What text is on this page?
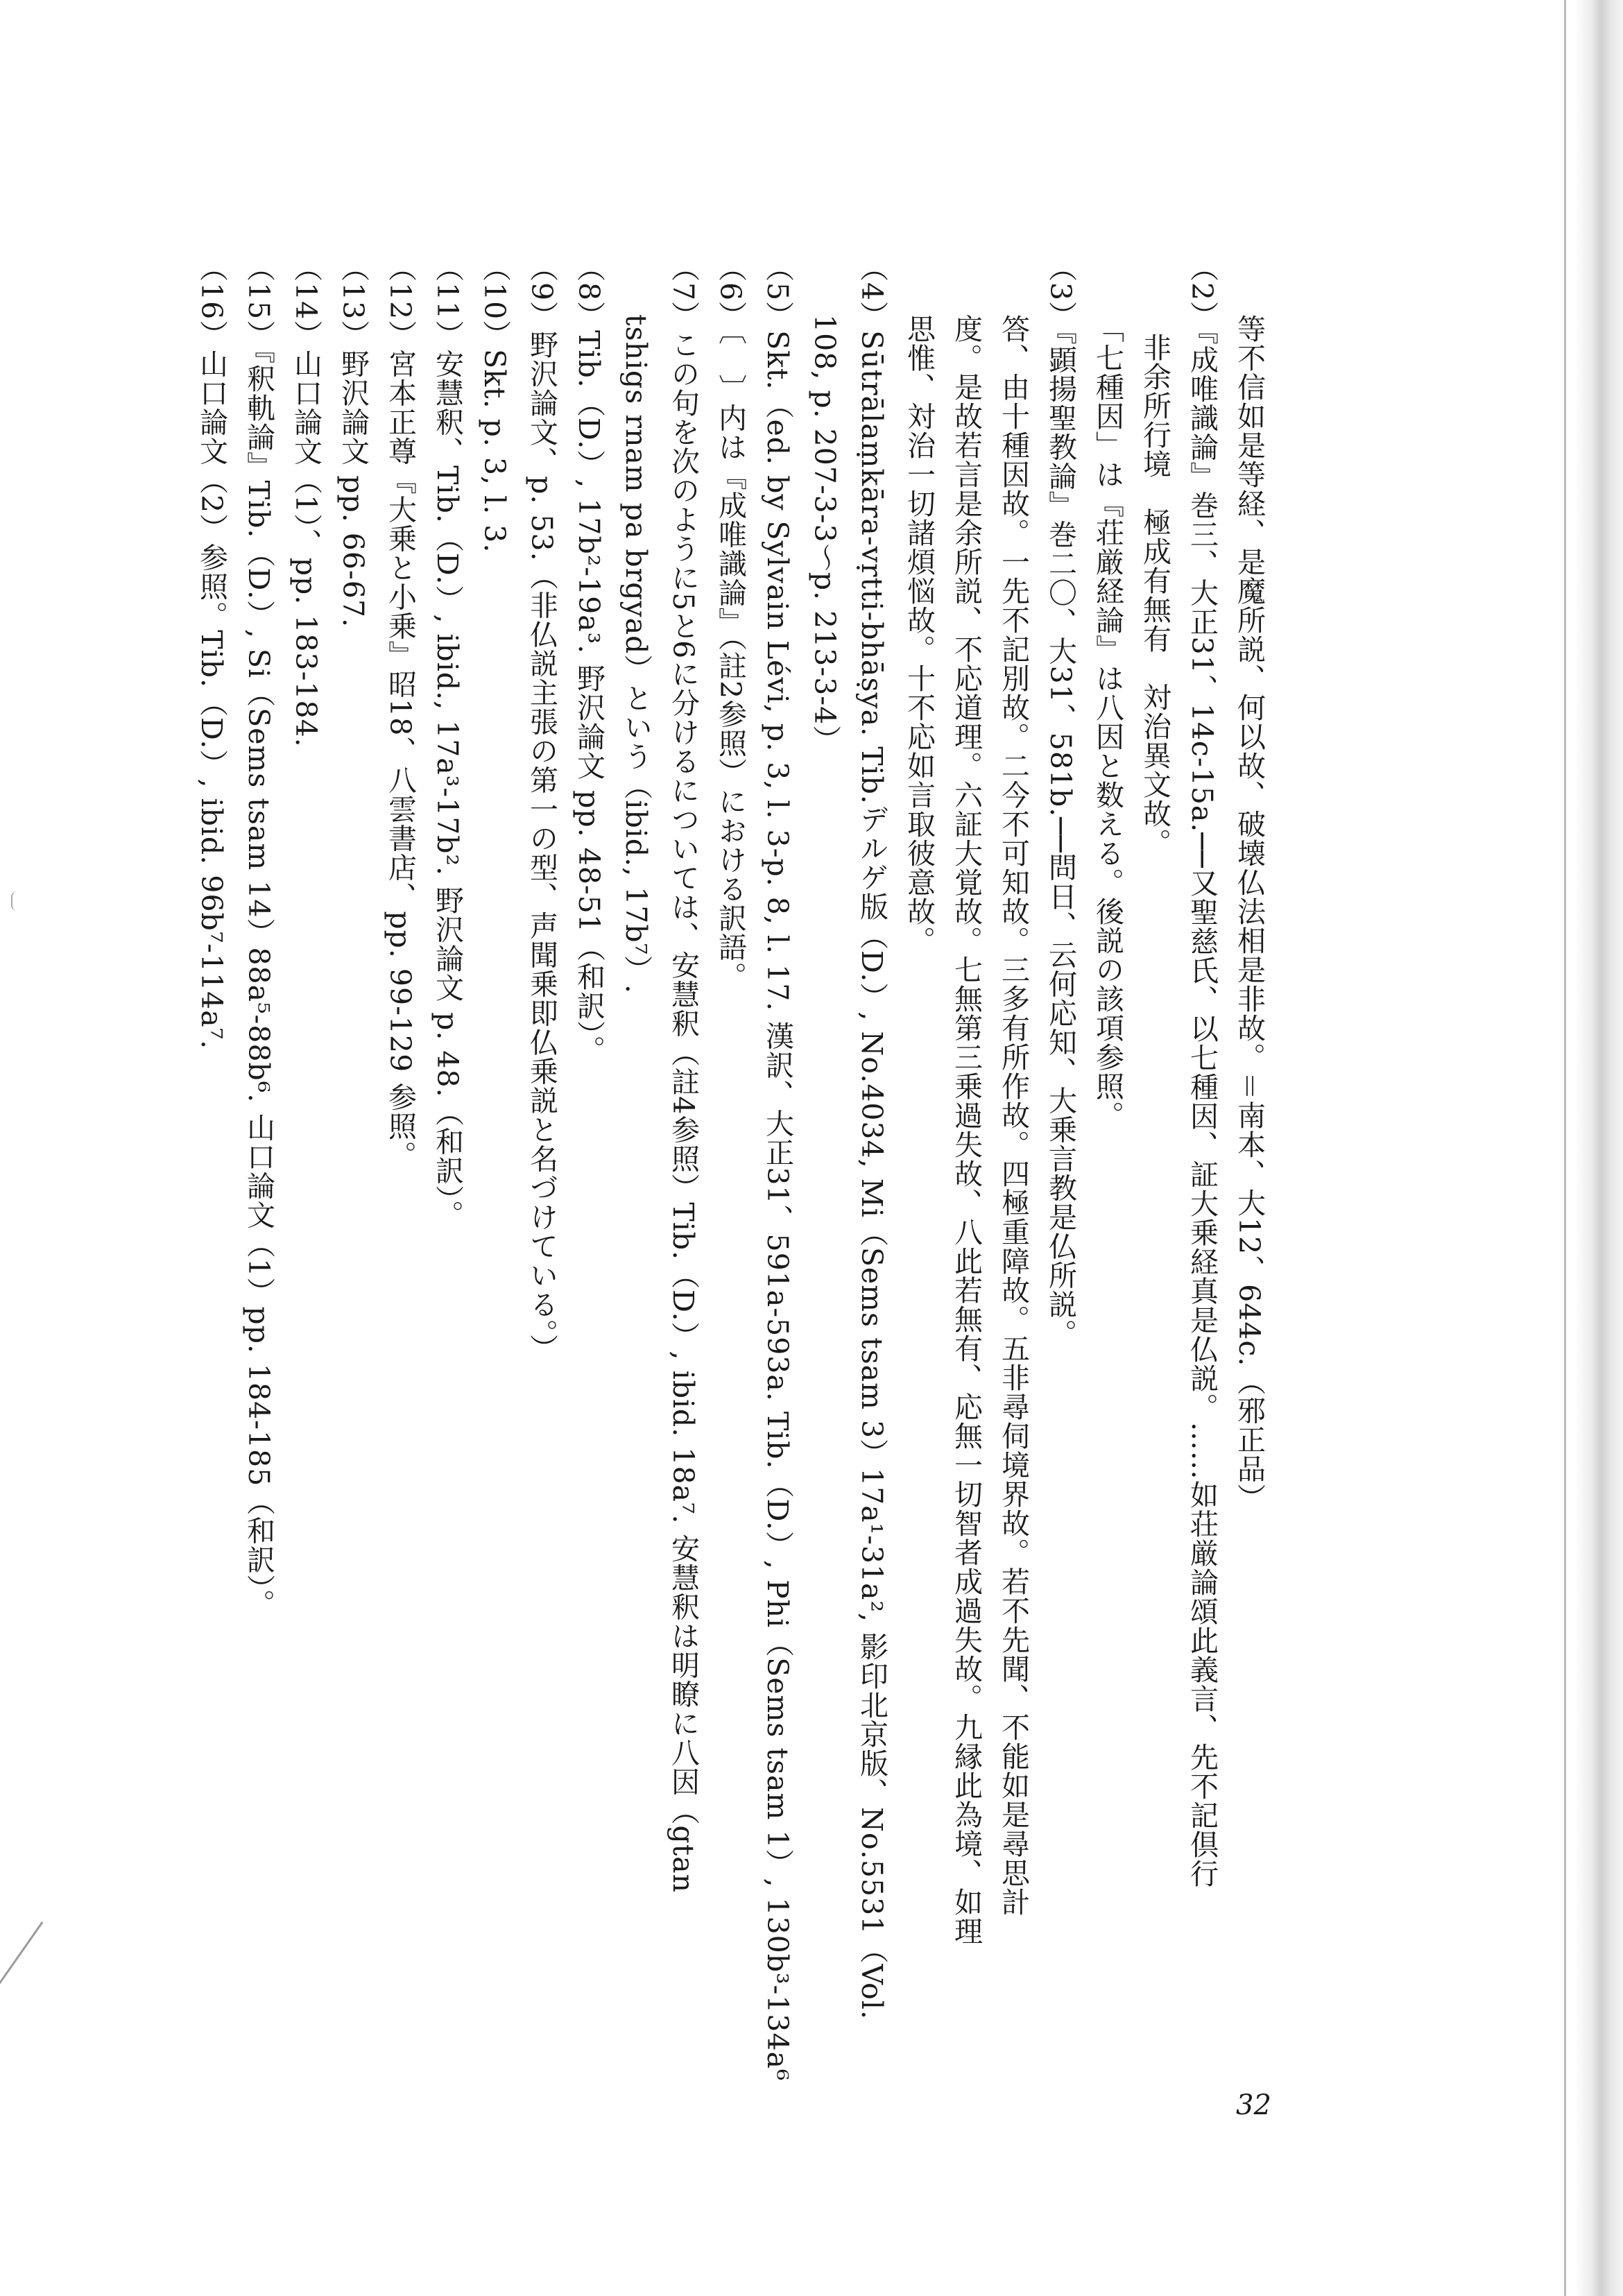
等不信如是等経、是魔所説、何以故、破壊仏法相是非故。＝南本、大12、644c.（邪正品）

（2）『成唯識論』巻三、大正31、14c-15a.──又聖慈氏、以七種因、証大乗経真是仏説。……如荘厳論頌此義言、先不記倶行

非余所行境　極成有無有　対治異文故。

「七種因」は『荘厳経論』は八因と数える。後説の該項参照。

（3）『顕揚聖教論』巻二〇、大31、581b.──問日、云何応知、大乗言教是仏所説。

答、由十種因故。一先不記別故。二今不可知故。三多有所作故。四極重障故。五非尋伺境界故。若不先聞、不能如是尋思計

度。是故若言是余所説、不応道理。六証大覚故。七無第三乗過失故、八此若無有、応無一切智者成過失故。九縁此為境、如理

思惟、対治一切諸煩悩故。十不応如言取彼意故。

（4）Sūtrālaṃkāra-vṛtti-bhāṣya. Tib.デルゲ版（D.）, No.4034, Mi（Sems tsam 3）17a¹-31a², 影印北京版、No.5531（Vol.

108, p. 207-3-3～p. 213-3-4）

（5）Skt.（ed. by Sylvain Lévi, p. 3, l. 3-p. 8, l. 17. 漢訳、大正31、591a-593a. Tib.（D.）, Phi（Sems tsam 1）, 130b³-134a⁶

（6）〔　〕内は『成唯識論』（註2参照）における訳語。

（7）この句を次のように5と6に分けるについては、安慧釈（註4参照）Tib.（D.）, ibid. 18a⁷. 安慧釈は明瞭に八因（gtan

tshigs rnam pa brgyad）という（ibid., 17b⁷）.

（8）Tib.（D.）, 17b²-19a³. 野沢論文 pp. 48-51（和訳）。

（9）野沢論文、p. 53.（非仏説主張の第一の型、声聞乗即仏乗説と名づけている。）

（10）Skt. p. 3, l. 3.

（11）安慧釈、Tib.（D.）, ibid., 17a³-17b². 野沢論文 p. 48.（和訳）。

（12）宮本正尊『大乗と小乗』昭18、八雲書店、pp. 99-129 参照。

（13）野沢論文 pp. 66-67.

（14）山口論文（1）、pp. 183-184.

（15）『釈軌論』Tib.（D.）, Si（Sems tsam 14）88a⁵-88b⁶. 山口論文（1）pp. 184-185（和訳）。

（16）山口論文（2）参照。Tib.（D.）, ibid. 96b⁷-114a⁷.

32
